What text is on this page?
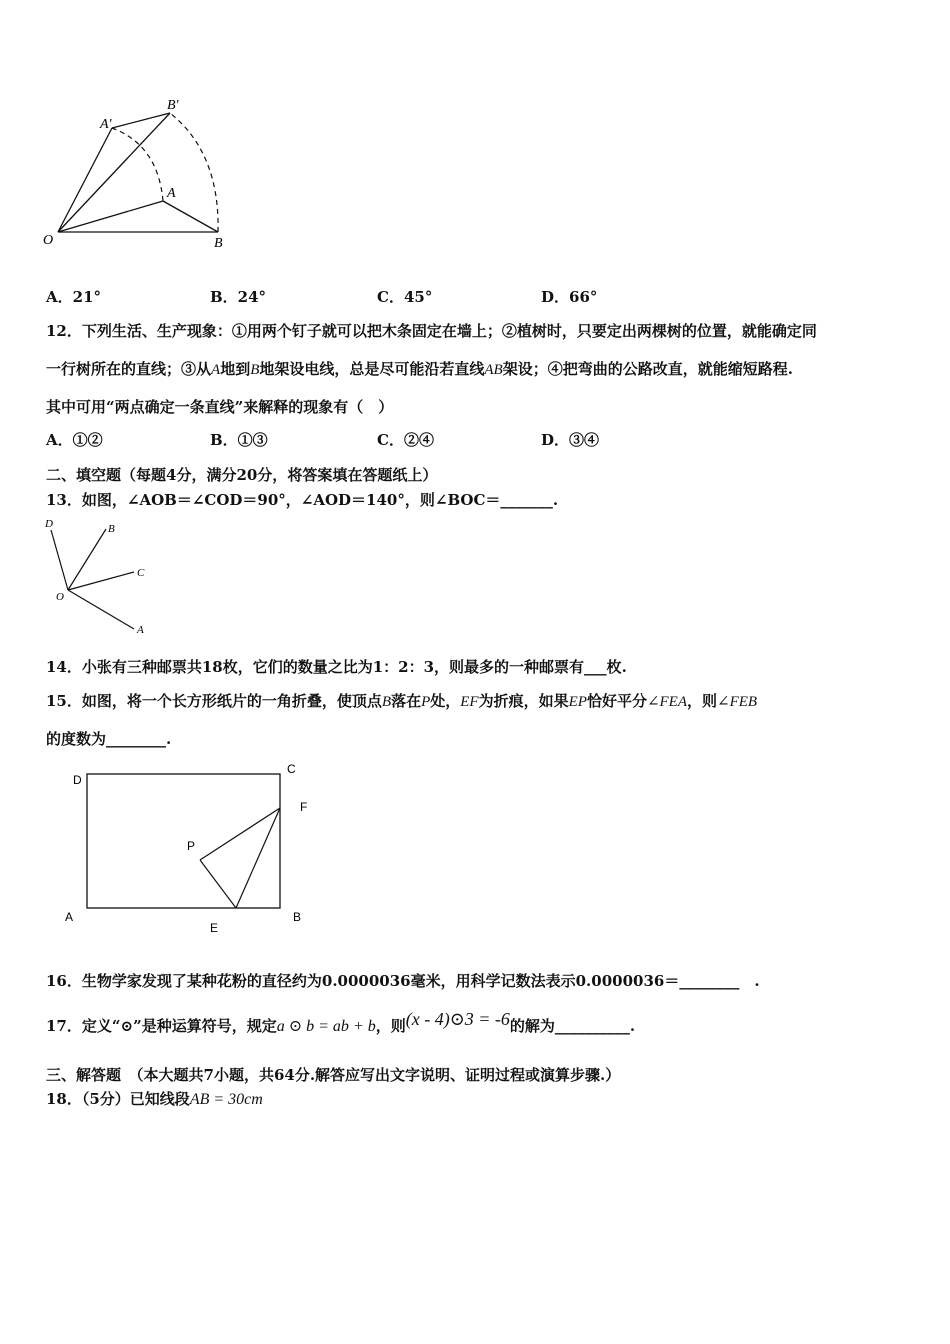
O
A
B
A'
B'
A．21°	B．24°	C．45°	D．66°
12．下列生活、生产现象：①用两个钉子就可以把木条固定在墙上；②植树时，只要定出两棵树的位置，就能确定同
一行树所在的直线；③从A地到B地架设电线，总是尽可能沿若直线AB架设；④把弯曲的公路改直，就能缩短路程.
其中可用“两点确定一条直线”来解释的现象有（　）
A．①②	B．①③	C．②④	D．③④
二、填空题（每题4分，满分20分，将答案填在答题纸上）
13．如图，∠AOB＝∠COD＝90°，∠AOD＝140°，则∠BOC＝_______.
D	B
C
O
A
14．小张有三种邮票共18枚，它们的数量之比为1：2：3，则最多的一种邮票有___枚.
15．如图，将一个长方形纸片的一角折叠，使顶点B落在P处，EF为折痕，如果EP恰好平分∠FEA，则∠FEB
的度数为________.
D
C
F
P
A	B
E
16．生物学家发现了某种花粉的直径约为0.0000036毫米，用科学记数法表示0.0000036＝________　.
17．定义“⊙”是种运算符号，规定a ⊙ b = ab + b，则(x - 4)⊙3 = -6的解为__________.
三、解答题　（本大题共7小题，共64分.解答应写出文字说明、证明过程或演算步骤.）
18．（5分）已知线段AB = 30cm
